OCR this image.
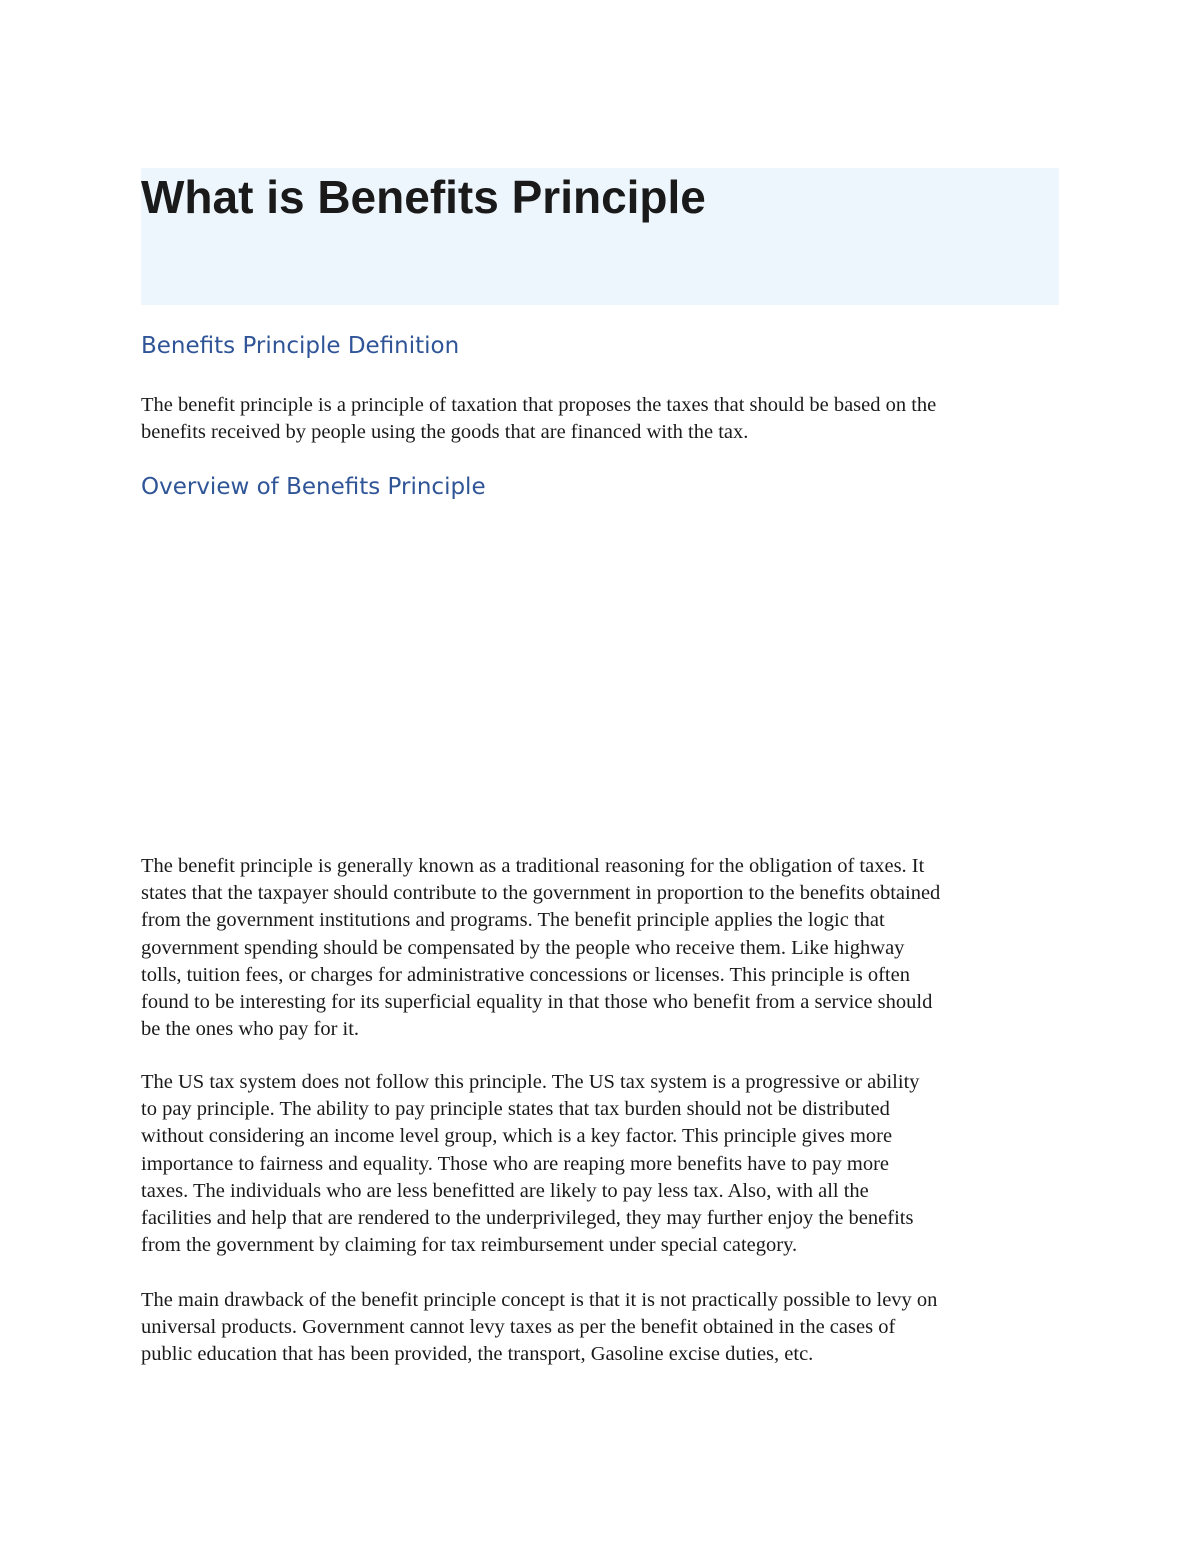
What is Benefits Principle
Benefits Principle Definition

The benefit principle is a principle of taxation that proposes the taxes that should be based on the
benefits received by people using the goods that are financed with the tax.

Overview of Benefits Principle

The benefit principle is generally known as a traditional reasoning for the obligation of taxes. It
states that the taxpayer should contribute to the government in proportion to the benefits obtained
from the government institutions and programs. The benefit principle applies the logic that
government spending should be compensated by the people who receive them. Like highway
tolls, tuition fees, or charges for administrative concessions or licenses. This principle is often
found to be interesting for its superficial equality in that those who benefit from a service should
be the ones who pay for it.

The US tax system does not follow this principle. The US tax system is a progressive or ability
to pay principle. The ability to pay principle states that tax burden should not be distributed
without considering an income level group, which is a key factor. This principle gives more
importance to fairness and equality. Those who are reaping more benefits have to pay more
taxes. The individuals who are less benefitted are likely to pay less tax. Also, with all the
facilities and help that are rendered to the underprivileged, they may further enjoy the benefits
from the government by claiming for tax reimbursement under special category.

The main drawback of the benefit principle concept is that it is not practically possible to levy on
universal products. Government cannot levy taxes as per the benefit obtained in the cases of
public education that has been provided, the transport, Gasoline excise duties, etc.
